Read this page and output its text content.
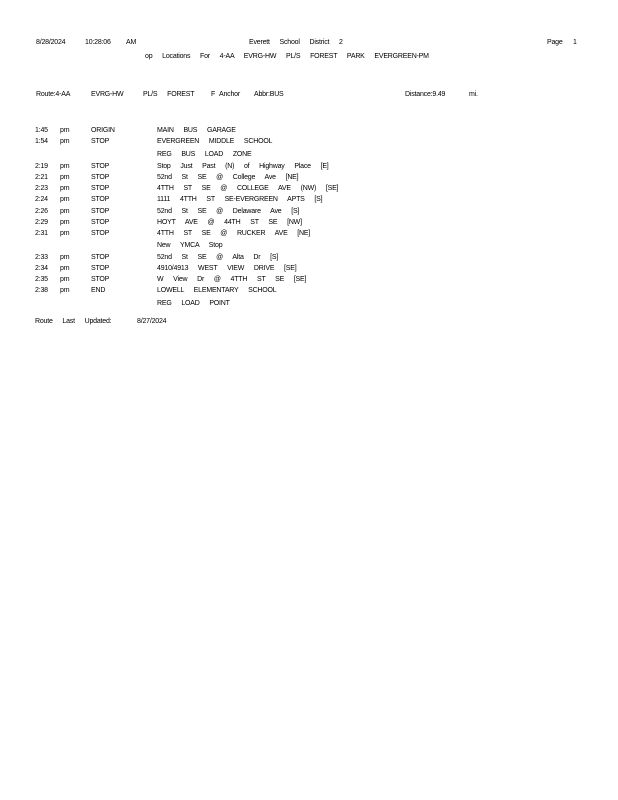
8/28/2024	10:28:06 AM	Everett School District 2	Page 1
op Locations For 4-AA EVRG-HW PL/S FOREST PARK EVERGREEN-PM
Route:4-AA	EVRG-HW	PL/S FOREST F Anchor Abbr:BUS	Distance:9.49	mi.
1:45 pm	ORIGIN	MAIN BUS GARAGE
1:54 pm	STOP	EVERGREEN MIDDLE SCHOOL
REG BUS LOAD ZONE
2:19 pm	STOP	Stop Just Past (N) of Highway Place [E]
2:21 pm	STOP	52nd St SE @ College Ave [NE]
2:23 pm	STOP	4TTH ST SE @ COLLEGE AVE (NW) [SE]
2:24 pm	STOP	1111 4TTH ST SE-EVERGREEN APTS [S]
2:26 pm	STOP	52nd St SE @ Delaware Ave [S]
2:29 pm	STOP	HOYT AVE @ 44TH ST SE [NW]
2:31 pm	STOP	4TTH ST SE @ RUCKER AVE [NE]
New YMCA Stop
2:33 pm	STOP	52nd St SE @ Alta Dr [S]
2:34 pm	STOP	4910/4913 WEST VIEW DRIVE [SE]
2:35 pm	STOP	W View Dr @ 4TTH ST SE [SE]
2:38 pm	END	LOWELL ELEMENTARY SCHOOL
REG LOAD POINT
Route Last Updated:	8/27/2024
